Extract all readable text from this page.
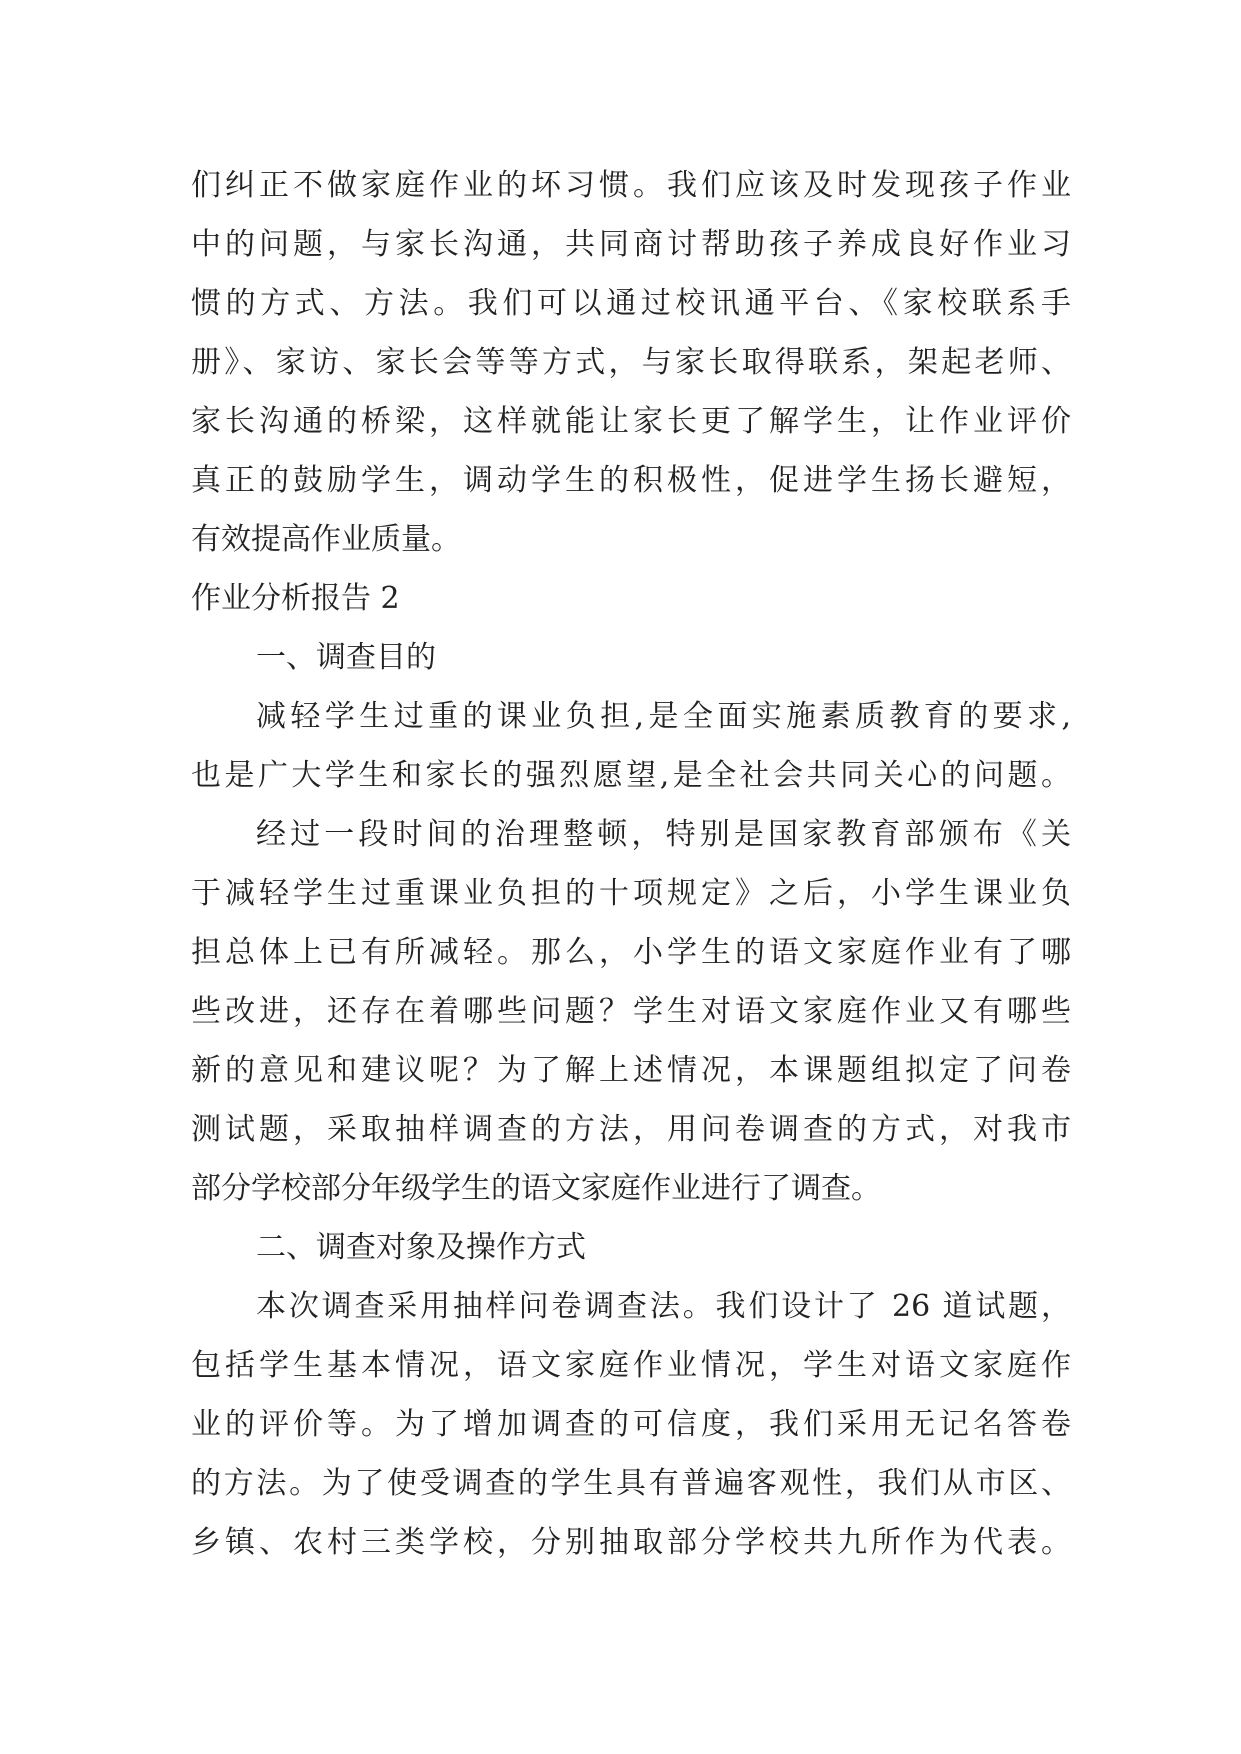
们纠正不做家庭作业的坏习惯。我们应该及时发现孩子作业
中的问题，与家长沟通，共同商讨帮助孩子养成良好作业习
惯的方式、方法。我们可以通过校讯通平台、《家校联系手
册》、家访、家长会等等方式，与家长取得联系，架起老师、
家长沟通的桥梁，这样就能让家长更了解学生，让作业评价
真正的鼓励学生，调动学生的积极性，促进学生扬长避短，
有效提高作业质量。
作业分析报告 2
一、调查目的
减轻学生过重的课业负担,是全面实施素质教育的要求,
也是广大学生和家长的强烈愿望,是全社会共同关心的问题。
经过一段时间的治理整顿，特别是国家教育部颁布《关
于减轻学生过重课业负担的十项规定》之后，小学生课业负
担总体上已有所减轻。那么，小学生的语文家庭作业有了哪
些改进，还存在着哪些问题？学生对语文家庭作业又有哪些
新的意见和建议呢？为了解上述情况，本课题组拟定了问卷
测试题，采取抽样调查的方法，用问卷调查的方式，对我市
部分学校部分年级学生的语文家庭作业进行了调查。
二、调查对象及操作方式
本次调查采用抽样问卷调查法。我们设计了 26 道试题，
包括学生基本情况，语文家庭作业情况，学生对语文家庭作
业的评价等。为了增加调查的可信度，我们采用无记名答卷
的方法。为了使受调查的学生具有普遍客观性，我们从市区、
乡镇、农村三类学校，分别抽取部分学校共九所作为代表。
